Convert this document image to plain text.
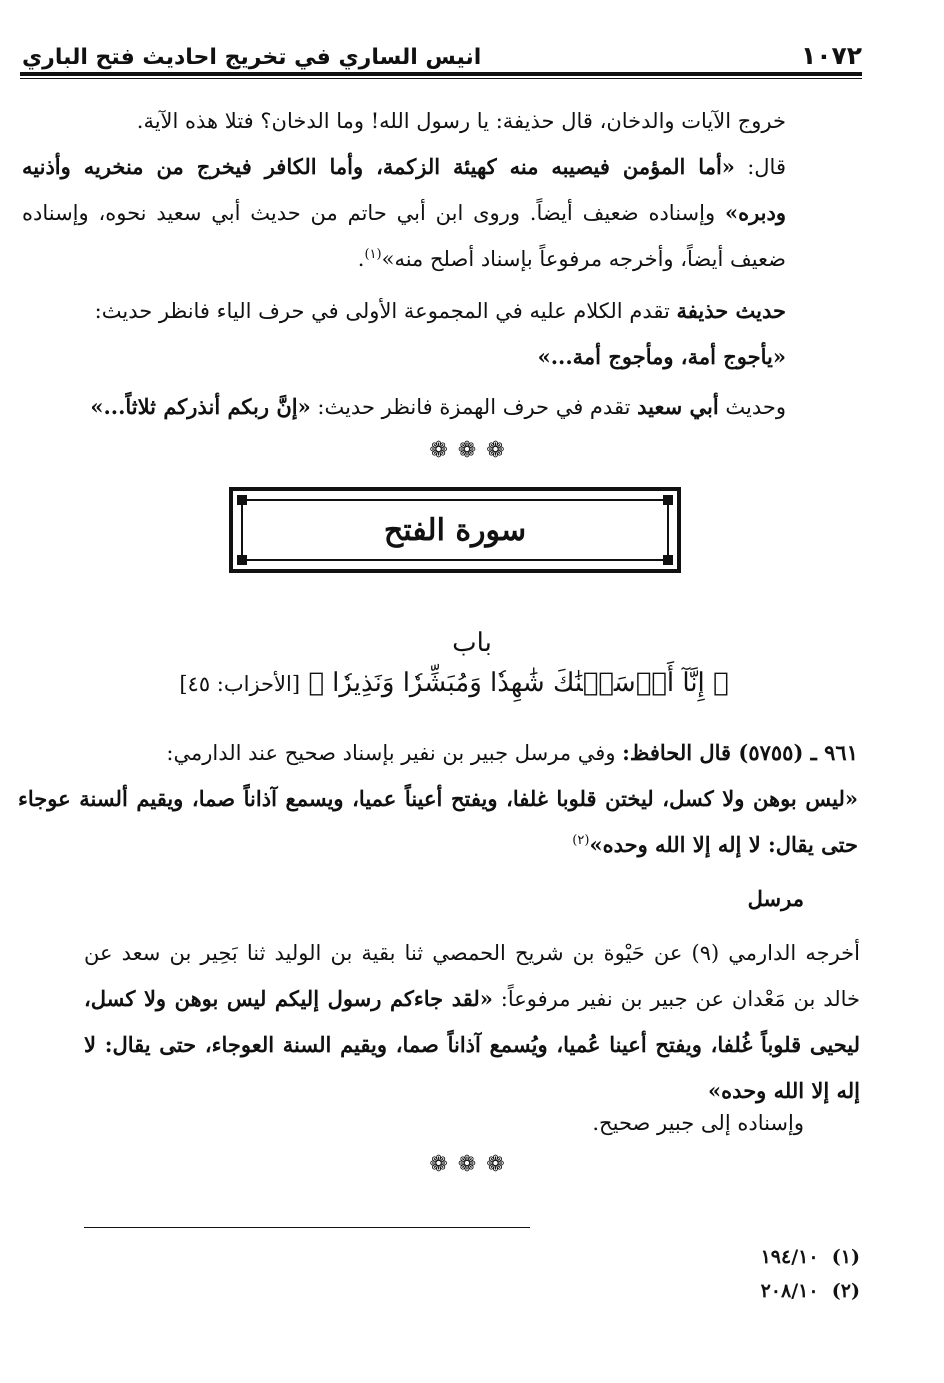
١٠٧٢
انيس الساري في تخريج احاديث فتح الباري
خروج الآيات والدخان، قال حذيفة: يا رسول الله! وما الدخان؟ فتلا هذه الآية.
قال: «أما المؤمن فيصيبه منه كهيئة الزكمة، وأما الكافر فيخرج من منخريه وأذنيه ودبره» وإسناده ضعيف أيضاً. وروى ابن أبي حاتم من حديث أبي سعيد نحوه، وإسناده ضعيف أيضاً، وأخرجه مرفوعاً بإسناد أصلح منه»$^{(١)}$.
حديث حذيفة تقدم الكلام عليه في المجموعة الأولى في حرف الياء فانظر حديث:
«يأجوج أمة، ومأجوج أمة...»
وحديث أبي سعيد تقدم في حرف الهمزة فانظر حديث: «إنَّ ربكم أنذركم ثلاثاً...»
❁❁❁
سورة الفتح
باب
﴿ إِنَّآ أَرۡسَلۡنَٰكَ شَٰهِدٗا وَمُبَشِّرٗا وَنَذِيرٗا ﴾ [الأحزاب: ٤٥]
٩٦١ ـ (٥٧٥٥) قال الحافظ: وفي مرسل جبير بن نفير بإسناد صحيح عند الدارمي:
«ليس بوهن ولا كسل، ليختن قلوبا غلفا، ويفتح أعيناً عميا، ويسمع آذاناً صما، ويقيم ألسنة عوجاء حتى يقال: لا إله إلا الله وحده»$^{(٢)}$
مرسل
أخرجه الدارمي (٩) عن حَيْوة بن شريح الحمصي ثنا بقية بن الوليد ثنا بَحِير بن سعد عن خالد بن مَعْدان عن جبير بن نفير مرفوعاً: «لقد جاءكم رسول إليكم ليس بوهن ولا كسل، ليحيى قلوباً غُلفا، ويفتح أعينا عُميا، ويُسمع آذاناً صما، ويقيم السنة العوجاء، حتى يقال: لا إله إلا الله وحده»
وإسناده إلى جبير صحيح.
❁❁❁
(١)  ١٩٤/١٠
(٢)  ٢٠٨/١٠
